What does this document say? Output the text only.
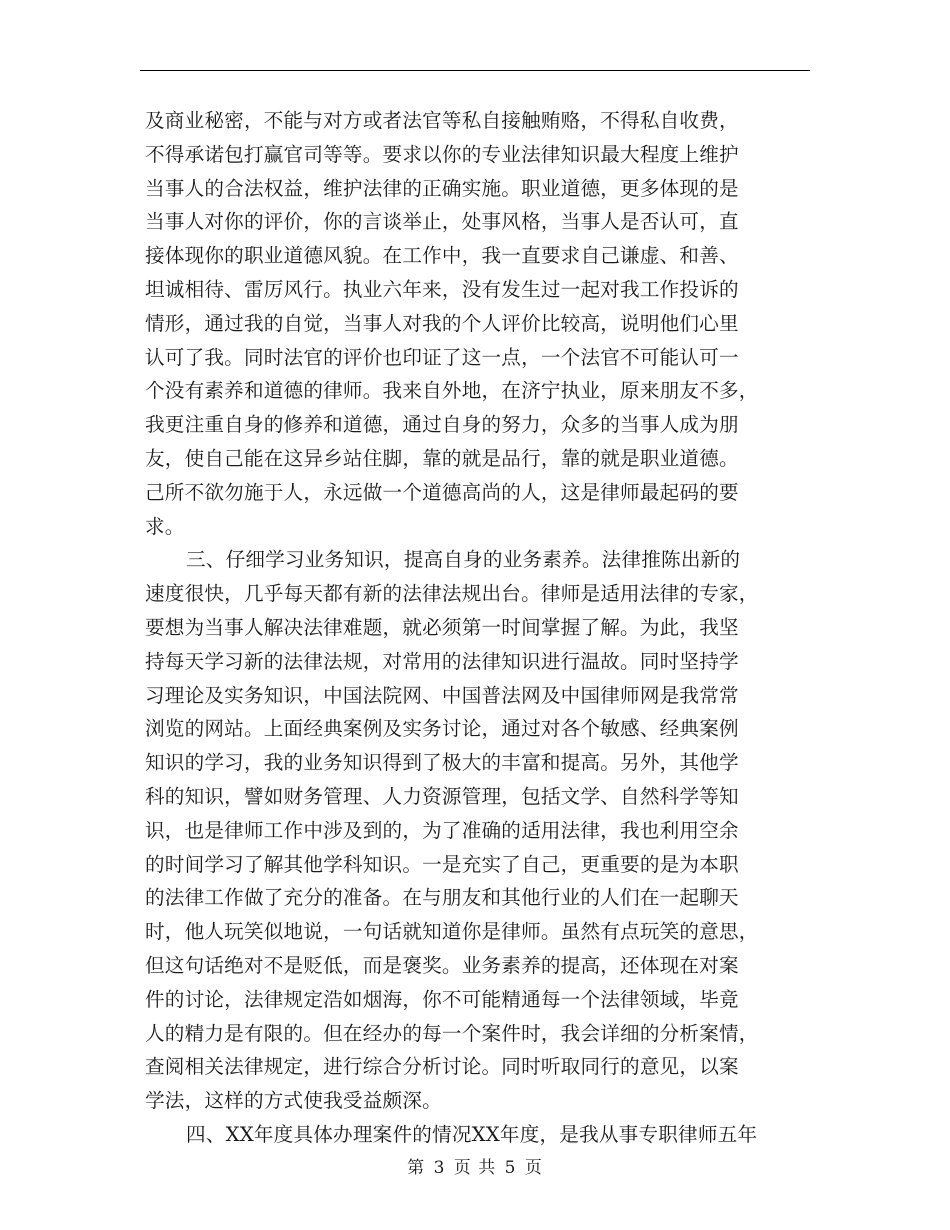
及商业秘密，不能与对方或者法官等私自接触贿赂，不得私自收费，
不得承诺包打赢官司等等。要求以你的专业法律知识最大程度上维护
当事人的合法权益，维护法律的正确实施。职业道德，更多体现的是
当事人对你的评价，你的言谈举止，处事风格，当事人是否认可，直
接体现你的职业道德风貌。在工作中，我一直要求自己谦虚、和善、
坦诚相待、雷厉风行。执业六年来，没有发生过一起对我工作投诉的
情形，通过我的自觉，当事人对我的个人评价比较高，说明他们心里
认可了我。同时法官的评价也印证了这一点，一个法官不可能认可一
个没有素养和道德的律师。我来自外地，在济宁执业，原来朋友不多，
我更注重自身的修养和道德，通过自身的努力，众多的当事人成为朋
友，使自己能在这异乡站住脚，靠的就是品行，靠的就是职业道德。
己所不欲勿施于人，永远做一个道德高尚的人，这是律师最起码的要
求。
三、仔细学习业务知识，提高自身的业务素养。法律推陈出新的
速度很快，几乎每天都有新的法律法规出台。律师是适用法律的专家，
要想为当事人解决法律难题，就必须第一时间掌握了解。为此，我坚
持每天学习新的法律法规，对常用的法律知识进行温故。同时坚持学
习理论及实务知识，中国法院网、中国普法网及中国律师网是我常常
浏览的网站。上面经典案例及实务讨论，通过对各个敏感、经典案例
知识的学习，我的业务知识得到了极大的丰富和提高。另外，其他学
科的知识，譬如财务管理、人力资源管理，包括文学、自然科学等知
识，也是律师工作中涉及到的，为了准确的适用法律，我也利用空余
的时间学习了解其他学科知识。一是充实了自己，更重要的是为本职
的法律工作做了充分的准备。在与朋友和其他行业的人们在一起聊天
时，他人玩笑似地说，一句话就知道你是律师。虽然有点玩笑的意思，
但这句话绝对不是贬低，而是褒奖。业务素养的提高，还体现在对案
件的讨论，法律规定浩如烟海，你不可能精通每一个法律领域，毕竟
人的精力是有限的。但在经办的每一个案件时，我会详细的分析案情，
查阅相关法律规定，进行综合分析讨论。同时听取同行的意见，以案
学法，这样的方式使我受益颇深。
四、XX年度具体办理案件的情况XX年度，是我从事专职律师五年
第 3 页 共 5 页
